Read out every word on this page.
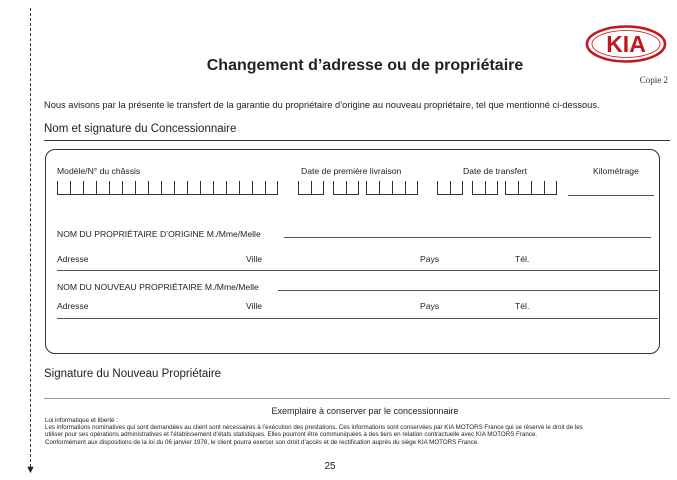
▼
KIA
Changement d’adresse ou de propriétaire
Copie 2
Nous avisons par la présente le transfert de la garantie du propriétaire d’origine au nouveau propriétaire, tel que mentionné ci-dessous.
Nom et signature du Concessionnaire
Modèle/N° du châssis	Date de première livraison	Date de transfert	Kilométrage
NOM DU PROPRIÉTAIRE D’ORIGINE M./Mme/Melle
Adresse	Ville	Pays	Tél.
NOM DU NOUVEAU PROPRIÉTAIRE M./Mme/Melle
Adresse	Ville	Pays	Tél.
Signature du Nouveau Propriétaire
Exemplaire à conserver par le concessionnaire
Loi informatique et liberté :
Les informations nominatives qui sont demandées au client sont nécessaires à l’exécution des prestations. Ces informations sont conservées par KIA MOTORS France qui se réserve le droit de les
utiliser pour ses opérations administratives et l’établissement d’états statistiques. Elles pourront être communiquées à des tiers en relation contractuelle avec KIA MOTORS France.
Conformément aux dispositions de la loi du 06 janvier 1978, le client pourra exercer son droit d’accès et de rectification auprès du siège KIA MOTORS France.
25
